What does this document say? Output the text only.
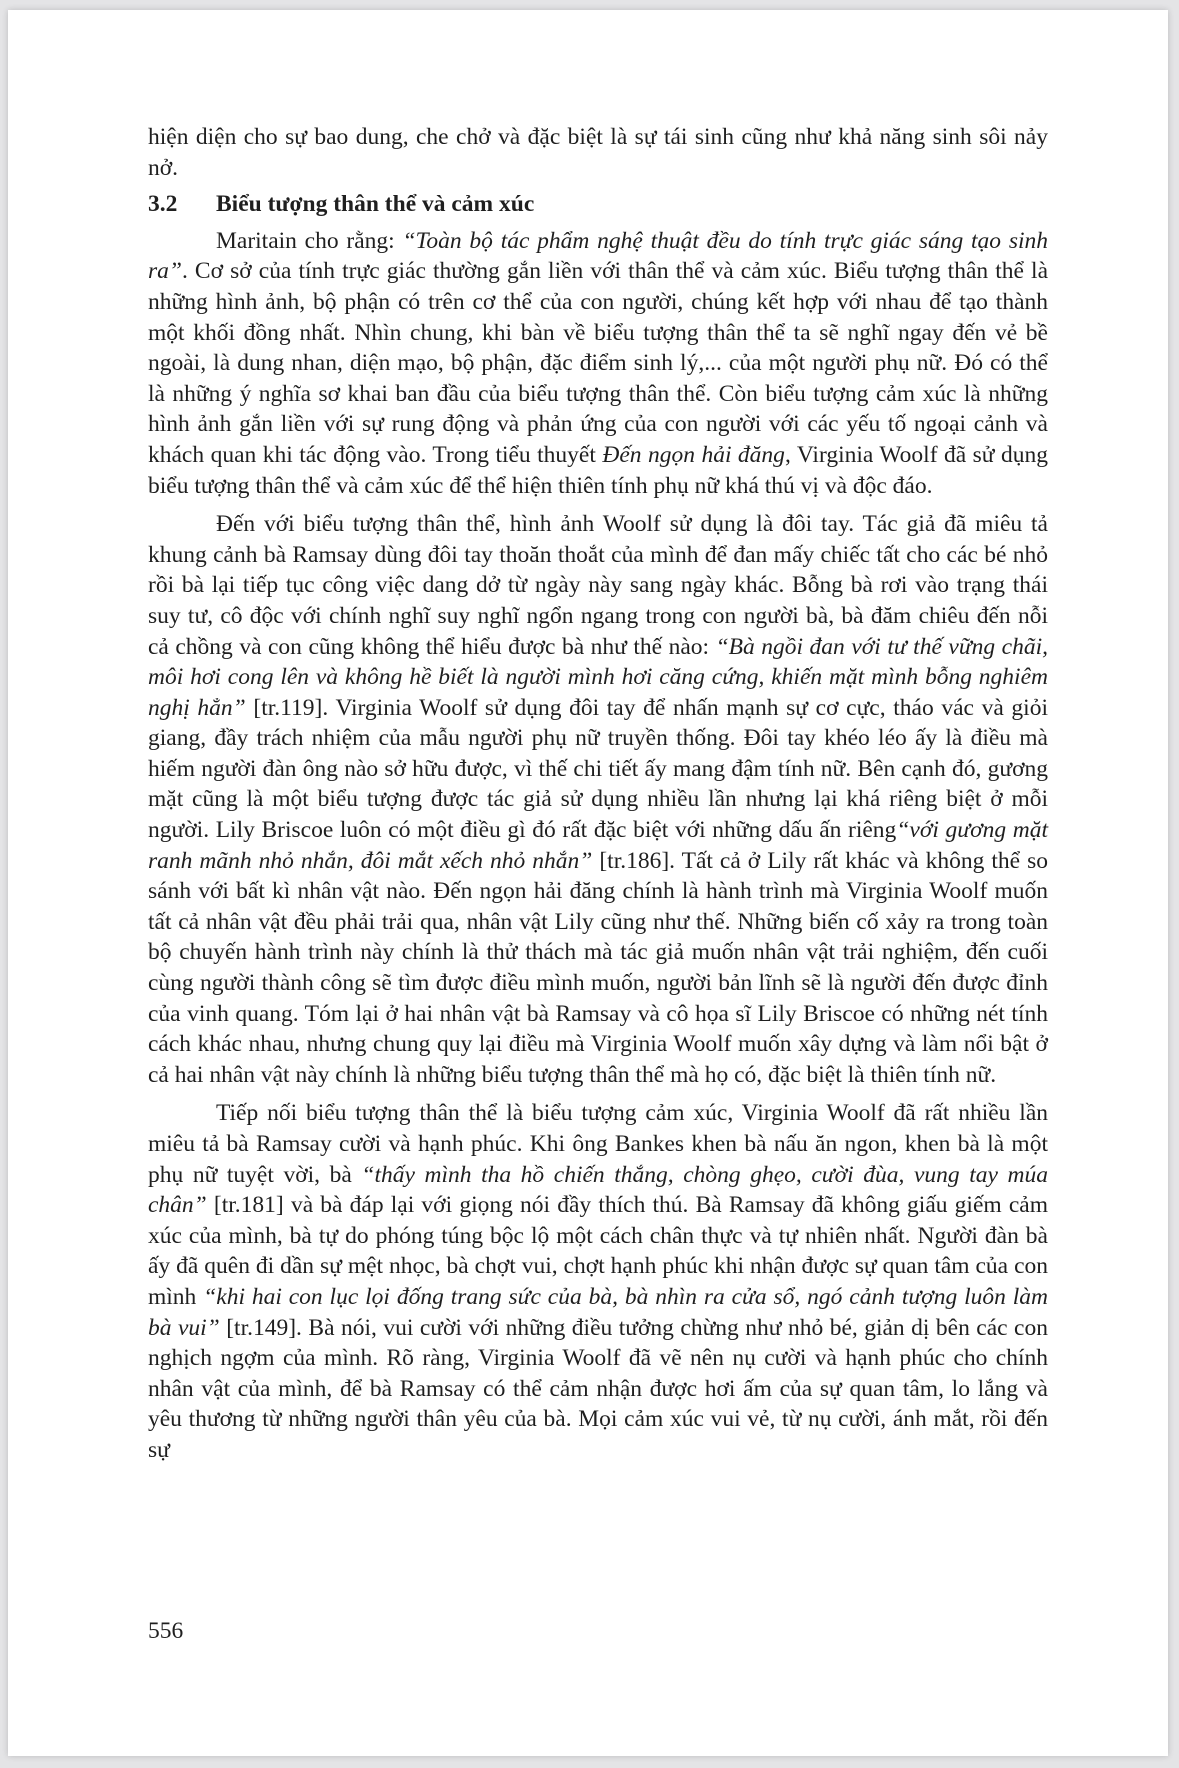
hiện diện cho sự bao dung, che chở và đặc biệt là sự tái sinh cũng như khả năng sinh sôi nảy nở.

3.2	Biểu tượng thân thể và cảm xúc

Maritain cho rằng: “Toàn bộ tác phẩm nghệ thuật đều do tính trực giác sáng tạo sinh ra”. Cơ sở của tính trực giác thường gắn liền với thân thể và cảm xúc. Biểu tượng thân thể là những hình ảnh, bộ phận có trên cơ thể của con người, chúng kết hợp với nhau để tạo thành một khối đồng nhất. Nhìn chung, khi bàn về biểu tượng thân thể ta sẽ nghĩ ngay đến vẻ bề ngoài, là dung nhan, diện mạo, bộ phận, đặc điểm sinh lý,... của một người phụ nữ. Đó có thể là những ý nghĩa sơ khai ban đầu của biểu tượng thân thể. Còn biểu tượng cảm xúc là những hình ảnh gắn liền với sự rung động và phản ứng của con người với các yếu tố ngoại cảnh và khách quan khi tác động vào. Trong tiểu thuyết Đến ngọn hải đăng, Virginia Woolf đã sử dụng biểu tượng thân thể và cảm xúc để thể hiện thiên tính phụ nữ khá thú vị và độc đáo.

Đến với biểu tượng thân thể, hình ảnh Woolf sử dụng là đôi tay. Tác giả đã miêu tả khung cảnh bà Ramsay dùng đôi tay thoăn thoắt của mình để đan mấy chiếc tất cho các bé nhỏ rồi bà lại tiếp tục công việc dang dở từ ngày này sang ngày khác. Bỗng bà rơi vào trạng thái suy tư, cô độc với chính nghĩ suy nghĩ ngổn ngang trong con người bà, bà đăm chiêu đến nỗi cả chồng và con cũng không thể hiểu được bà như thế nào: “Bà ngồi đan với tư thế vững chãi, môi hơi cong lên và không hề biết là người mình hơi căng cứng, khiến mặt mình bỗng nghiêm nghị hẳn” [tr.119]. Virginia Woolf sử dụng đôi tay để nhấn mạnh sự cơ cực, tháo vác và giỏi giang, đầy trách nhiệm của mẫu người phụ nữ truyền thống. Đôi tay khéo léo ấy là điều mà hiếm người đàn ông nào sở hữu được, vì thế chi tiết ấy mang đậm tính nữ. Bên cạnh đó, gương mặt cũng là một biểu tượng được tác giả sử dụng nhiều lần nhưng lại khá riêng biệt ở mỗi người. Lily Briscoe luôn có một điều gì đó rất đặc biệt với những dấu ấn riêng“với gương mặt ranh mãnh nhỏ nhắn, đôi mắt xếch nhỏ nhắn” [tr.186]. Tất cả ở Lily rất khác và không thể so sánh với bất kì nhân vật nào. Đến ngọn hải đăng chính là hành trình mà Virginia Woolf muốn tất cả nhân vật đều phải trải qua, nhân vật Lily cũng như thế. Những biến cố xảy ra trong toàn bộ chuyến hành trình này chính là thử thách mà tác giả muốn nhân vật trải nghiệm, đến cuối cùng người thành công sẽ tìm được điều mình muốn, người bản lĩnh sẽ là người đến được đỉnh của vinh quang. Tóm lại ở hai nhân vật bà Ramsay và cô họa sĩ Lily Briscoe có những nét tính cách khác nhau, nhưng chung quy lại điều mà Virginia Woolf muốn xây dựng và làm nổi bật ở cả hai nhân vật này chính là những biểu tượng thân thể mà họ có, đặc biệt là thiên tính nữ.

Tiếp nối biểu tượng thân thể là biểu tượng cảm xúc, Virginia Woolf đã rất nhiều lần miêu tả bà Ramsay cười và hạnh phúc. Khi ông Bankes khen bà nấu ăn ngon, khen bà là một phụ nữ tuyệt vời, bà “thấy mình tha hồ chiến thắng, chòng ghẹo, cười đùa, vung tay múa chân” [tr.181] và bà đáp lại với giọng nói đầy thích thú. Bà Ramsay đã không giấu giếm cảm xúc của mình, bà tự do phóng túng bộc lộ một cách chân thực và tự nhiên nhất. Người đàn bà ấy đã quên đi dần sự mệt nhọc, bà chợt vui, chợt hạnh phúc khi nhận được sự quan tâm của con mình “khi hai con lục lọi đống trang sức của bà, bà nhìn ra cửa sổ, ngó cảnh tượng luôn làm bà vui” [tr.149]. Bà nói, vui cười với những điều tưởng chừng như nhỏ bé, giản dị bên các con nghịch ngợm của mình. Rõ ràng, Virginia Woolf đã vẽ nên nụ cười và hạnh phúc cho chính nhân vật của mình, để bà Ramsay có thể cảm nhận được hơi ấm của sự quan tâm, lo lắng và yêu thương từ những người thân yêu của bà. Mọi cảm xúc vui vẻ, từ nụ cười, ánh mắt, rồi đến sự

556
